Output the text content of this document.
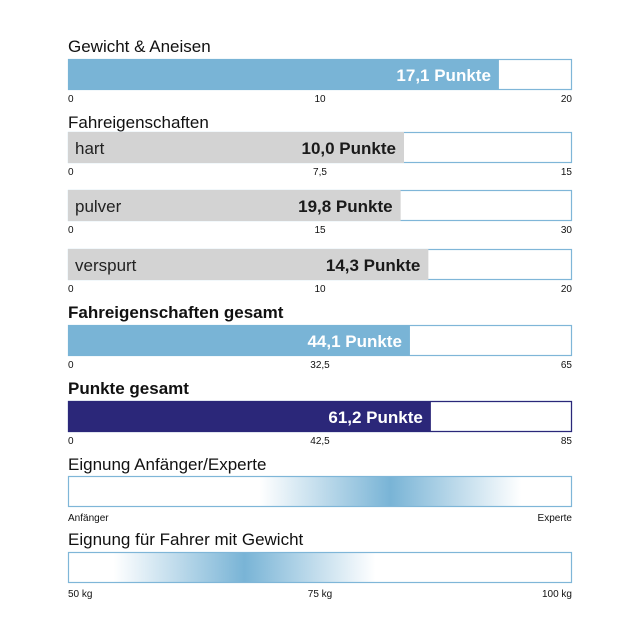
Gewicht & Aneisen
17,1 Punkte
0	10	20
Fahreigenschaften
hart	10,0 Punkte
0	7,5	15
pulver	19,8 Punkte
0	15	30
verspurt	14,3 Punkte
0	10	20
Fahreigenschaften gesamt
44,1 Punkte
0	32,5	65
Punkte gesamt
61,2 Punkte
0	42,5	85
Eignung Anfänger/Experte
Anfänger	Experte
Eignung für Fahrer mit Gewicht
50 kg	75 kg	100 kg
